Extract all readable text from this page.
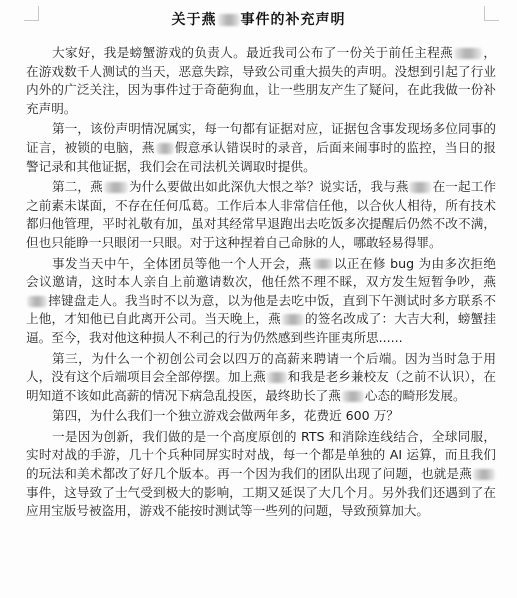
关于燕 事件的补充声明

大家好，我是螃蟹游戏的负责人。最近我司公布了一份关于前任主程燕 ，在游戏数千人测试的当天，恶意失踪，导致公司重大损失的声明。没想到引起了行业内外的广泛关注，因为事件过于奇葩狗血，让一些朋友产生了疑问，在此我做一份补充声明。

第一，该份声明情况属实，每一句都有证据对应，证据包含事发现场多位同事的证言，被锁的电脑，燕 假意承认错误时的录音，后面来闹事时的监控，当日的报警记录和其他证据，我们会在司法机关调取时提供。

第二，燕 为什么要做出如此深仇大恨之举？说实话，我与燕 在一起工作之前素未谋面，不存在任何瓜葛。工作后本人非常信任他，以合伙人相待，所有技术都归他管理，平时礼敬有加，虽对其经常早退跑出去吃饭多次提醒后仍然不改不满，但也只能睁一只眼闭一只眼。对于这种捏着自己命脉的人，哪敢轻易得罪。

事发当天中午，全体团员等他一个人开会，燕 以正在修 bug 为由多次拒绝会议邀请，这时本人亲自上前邀请数次，他任然不理不睬，双方发生短暂争吵，燕摔键盘走人。我当时不以为意，以为他是去吃中饭，直到下午测试时多方联系不上他，才知他已自此离开公司。当天晚上，燕 的签名改成了：大吉大利，螃蟹挂逼。至今，我对他这种损人不利己的行为仍然感到些许匪夷所思......

第三，为什么一个初创公司会以四万的高薪来聘请一个后端。因为当时急于用人，没有这个后端项目会全部停摆。加上燕 和我是老乡兼校友（之前不认识），在明知道不该如此高薪的情况下病急乱投医，最终助长了燕 心态的畸形发展。

第四，为什么我们一个独立游戏会做两年多，花费近 600 万？

一是因为创新，我们做的是一个高度原创的 RTS 和消除连线结合，全球同服，实时对战的手游，几十个兵种同屏实时对战，每一个都是单独的 AI 运算，而且我们的玩法和美术都改了好几个版本。再一个因为我们的团队出现了问题，也就是燕事件，这导致了士气受到极大的影响，工期又延误了大几个月。另外我们还遇到了在应用宝版号被盗用，游戏不能按时测试等一些列的问题，导致预算加大。
